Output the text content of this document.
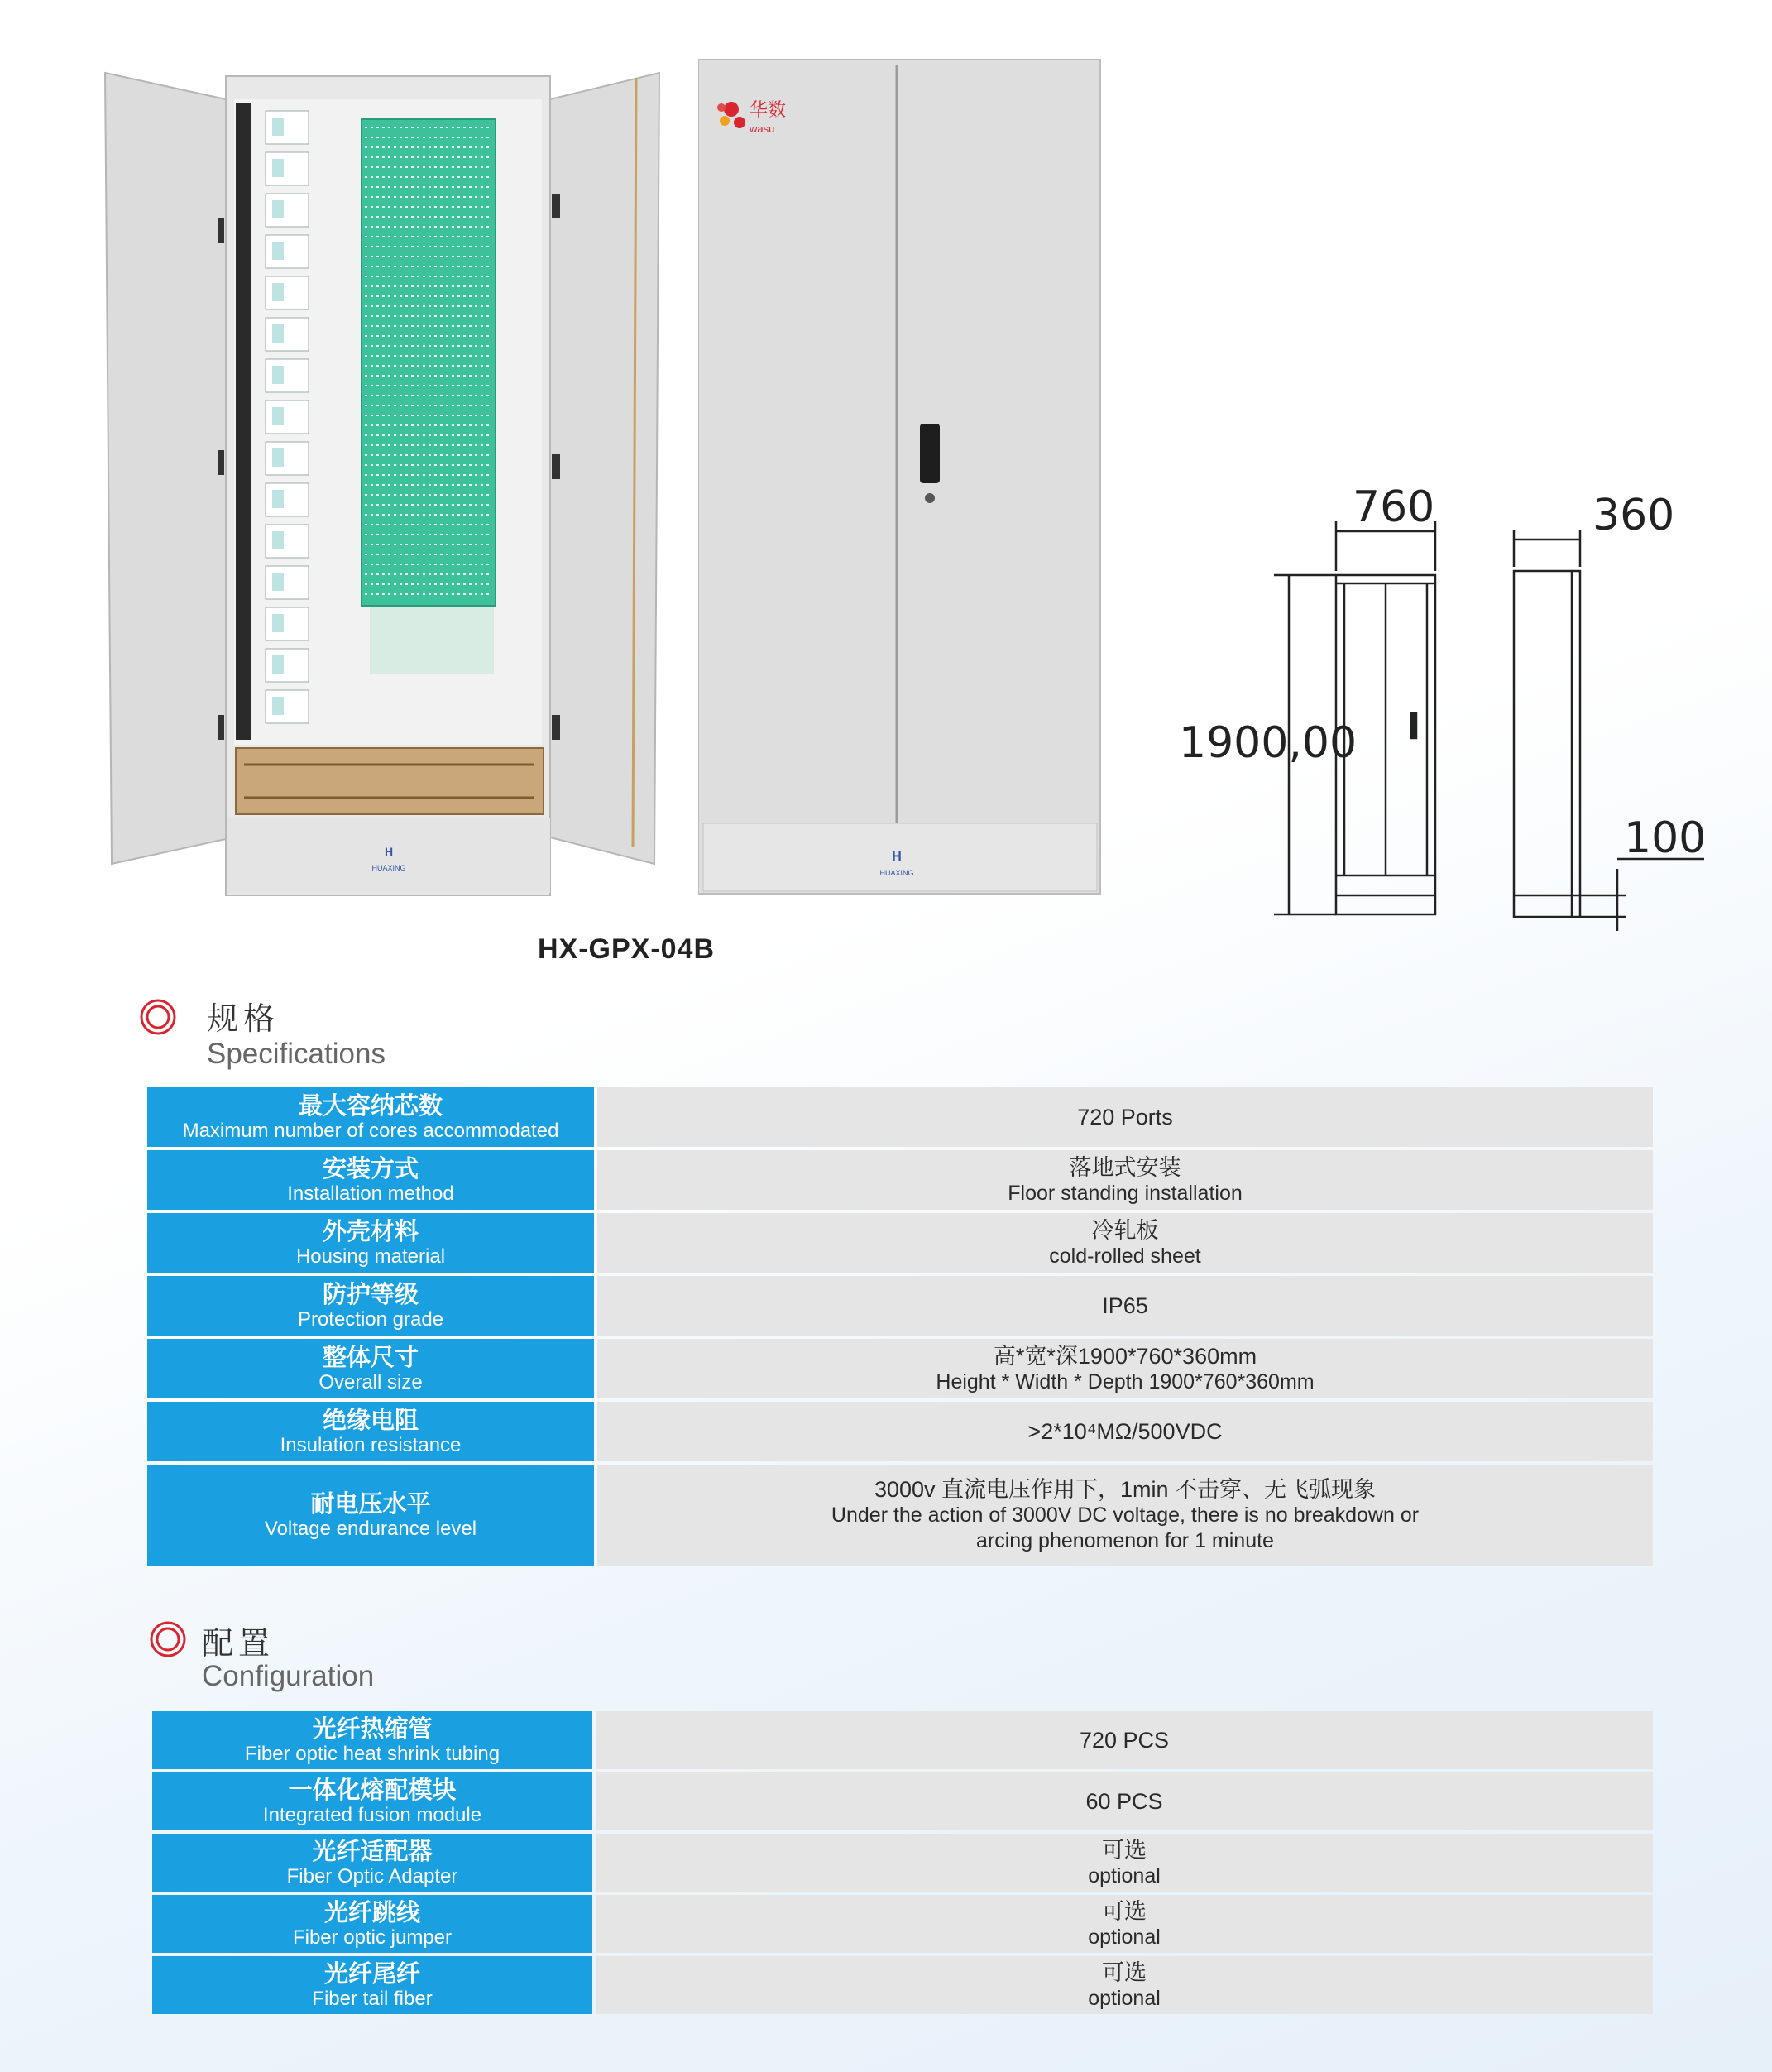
H
HUAXING
华数
wasu
H
HUAXING
760	360
1900,00
100
HX-GPX-04B
规格
Specifications
最大容纳芯数
Maximum number of cores accommodated
720 Ports
安装方式
Installation method
落地式安装
Floor standing installation
外壳材料
Housing material
冷轧板
cold-rolled sheet
防护等级
Protection grade
IP65
整体尺寸
Overall size
高*宽*深1900*760*360mm
Height * Width * Depth 1900*760*360mm
绝缘电阻
Insulation resistance
>2*10⁴MΩ/500VDC
耐电压水平
Voltage endurance level
3000v 直流电压作用下，1min 不击穿、无飞弧现象
Under the action of 3000V DC voltage, there is no breakdown or
arcing phenomenon for 1 minute
配置
Configuration
光纤热缩管
Fiber optic heat shrink tubing
720 PCS
一体化熔配模块
Integrated fusion module
60 PCS
光纤适配器
Fiber Optic Adapter
可选
optional
光纤跳线
Fiber optic jumper
可选
optional
光纤尾纤
Fiber tail fiber
可选
optional
